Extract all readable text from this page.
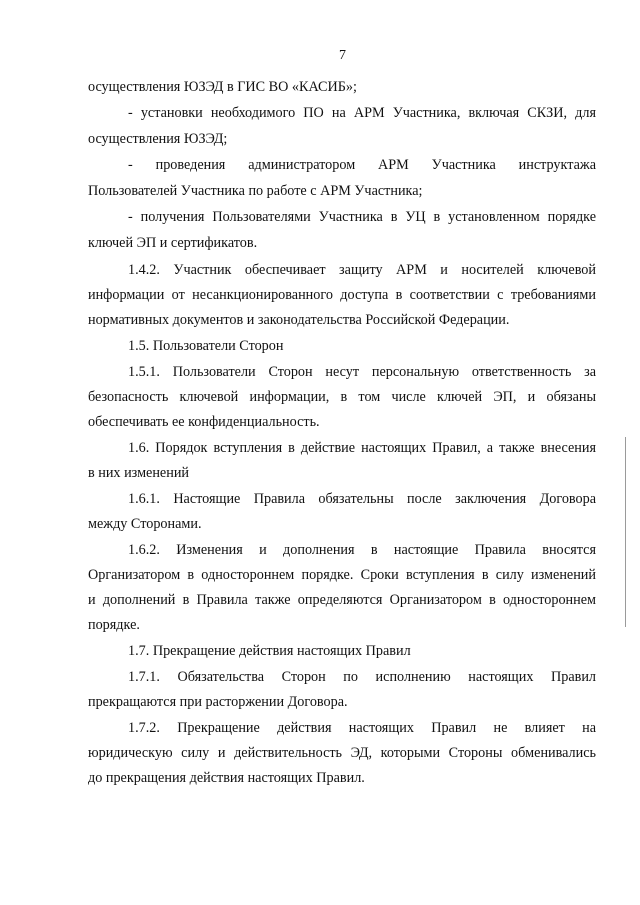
7
осуществления ЮЗЭД в ГИС ВО «КАСИБ»;
- установки необходимого ПО на АРМ Участника, включая СКЗИ, для
осуществления ЮЗЭД;
- проведения администратором АРМ Участника инструктажа
Пользователей Участника по работе с АРМ Участника;
- получения Пользователями Участника в УЦ в установленном порядке
ключей ЭП и сертификатов.
1.4.2. Участник обеспечивает защиту АРМ и носителей ключевой
информации от несанкционированного доступа в соответствии с требованиями
нормативных документов и законодательства Российской Федерации.
1.5. Пользователи Сторон
1.5.1. Пользователи Сторон несут персональную ответственность за
безопасность ключевой информации, в том числе ключей ЭП, и обязаны
обеспечивать ее конфиденциальность.
1.6. Порядок вступления в действие настоящих Правил, а также внесения
в них изменений
1.6.1. Настоящие Правила обязательны после заключения Договора
между Сторонами.
1.6.2. Изменения и дополнения в настоящие Правила вносятся
Организатором в одностороннем порядке. Сроки вступления в силу изменений
и дополнений в Правила также определяются Организатором в одностороннем
порядке.
1.7. Прекращение действия настоящих Правил
1.7.1. Обязательства Сторон по исполнению настоящих Правил
прекращаются при расторжении Договора.
1.7.2. Прекращение действия настоящих Правил не влияет на
юридическую силу и действительность ЭД, которыми Стороны обменивались
до прекращения действия настоящих Правил.
